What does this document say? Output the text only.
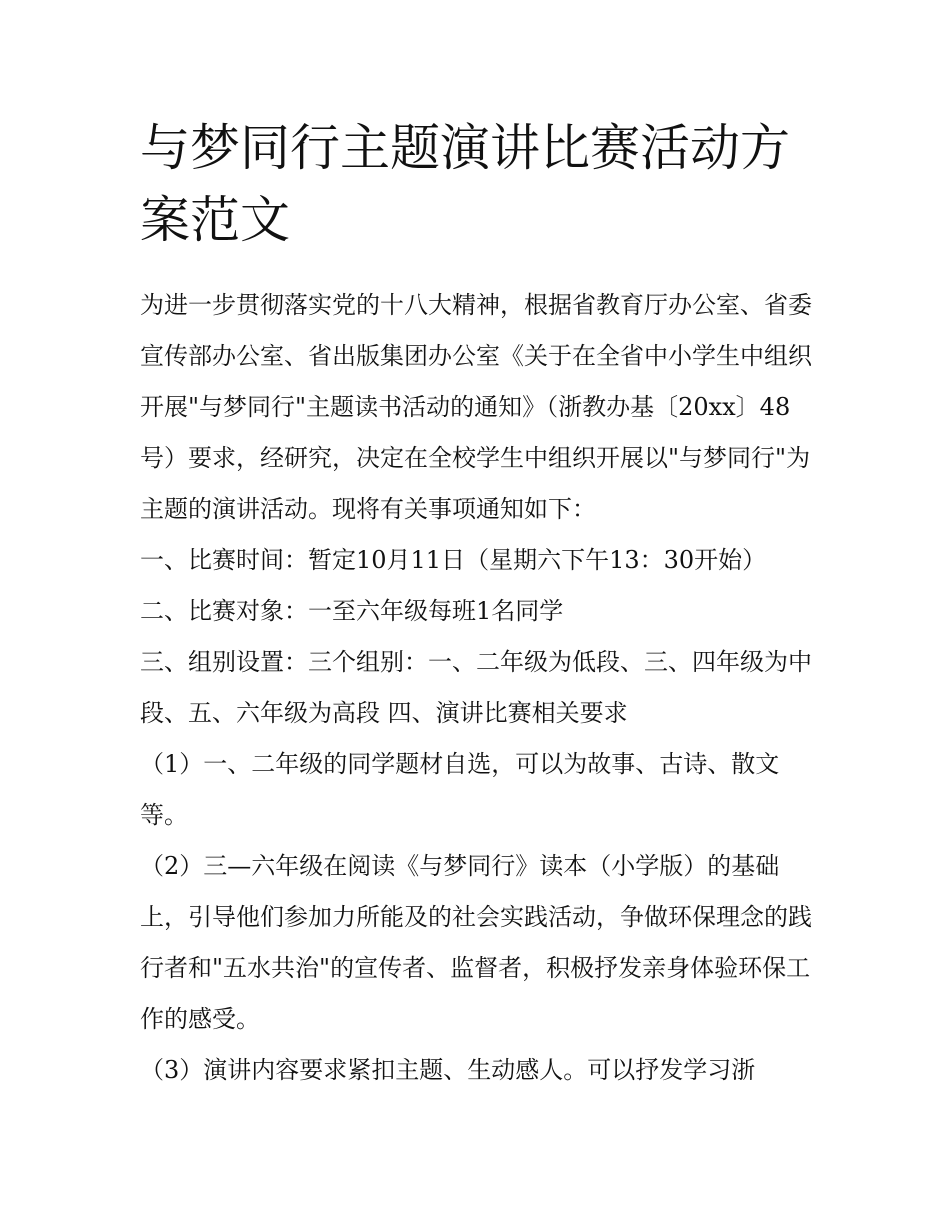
与梦同行主题演讲比赛活动方案范文

为进一步贯彻落实党的十八大精神，根据省教育厅办公室、省委宣传部办公室、省出版集团办公室《关于在全省中小学生中组织开展"与梦同行"主题读书活动的通知》（浙教办基〔20xx〕48号）要求，经研究，决定在全校学生中组织开展以"与梦同行"为主题的演讲活动。现将有关事项通知如下：

一、比赛时间：暂定10月11日（星期六下午13：30开始）

二、比赛对象：一至六年级每班1名同学

三、组别设置：三个组别：一、二年级为低段、三、四年级为中段、五、六年级为高段 四、演讲比赛相关要求

（1）一、二年级的同学题材自选，可以为故事、古诗、散文等。

（2）三—六年级在阅读《与梦同行》读本（小学版）的基础上，引导他们参加力所能及的社会实践活动，争做环保理念的践行者和"五水共治"的宣传者、监督者，积极抒发亲身体验环保工作的感受。

（3）演讲内容要求紧扣主题、生动感人。可以抒发学习浙
